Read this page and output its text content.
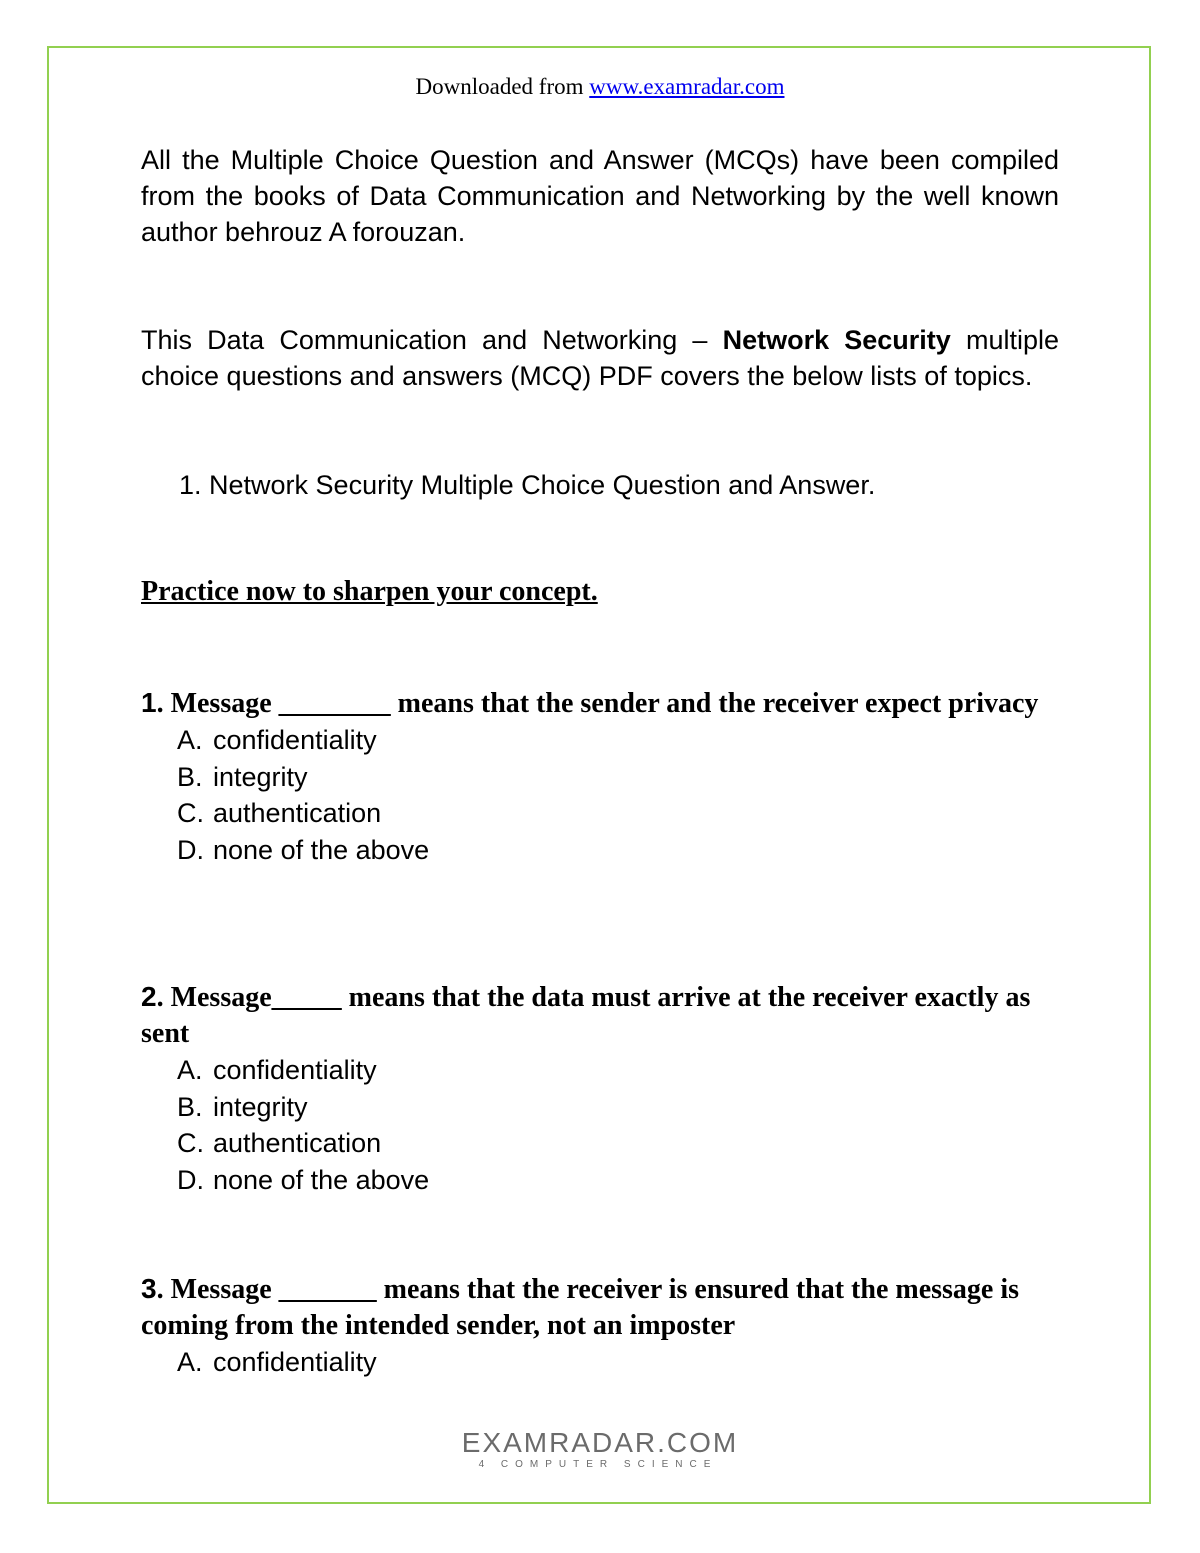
Downloaded from www.examradar.com

All the Multiple Choice Question and Answer (MCQs) have been compiled from the books of Data Communication and Networking by the well known author behrouz A forouzan.

This Data Communication and Networking – Network Security multiple choice questions and answers (MCQ) PDF covers the below lists of topics.

1. Network Security Multiple Choice Question and Answer.
Practice now to sharpen your concept.

1. Message ________ means that the sender and the receiver expect privacy

A. confidentiality
B. integrity
C. authentication
D. none of the above

2. Message_____ means that the data must arrive at the receiver exactly as sent

A. confidentiality
B. integrity
C. authentication
D. none of the above

3. Message _______ means that the receiver is ensured that the message is coming from the intended sender, not an imposter

A. confidentiality
EXAMRADAR.COM
4 COMPUTER SCIENCE
